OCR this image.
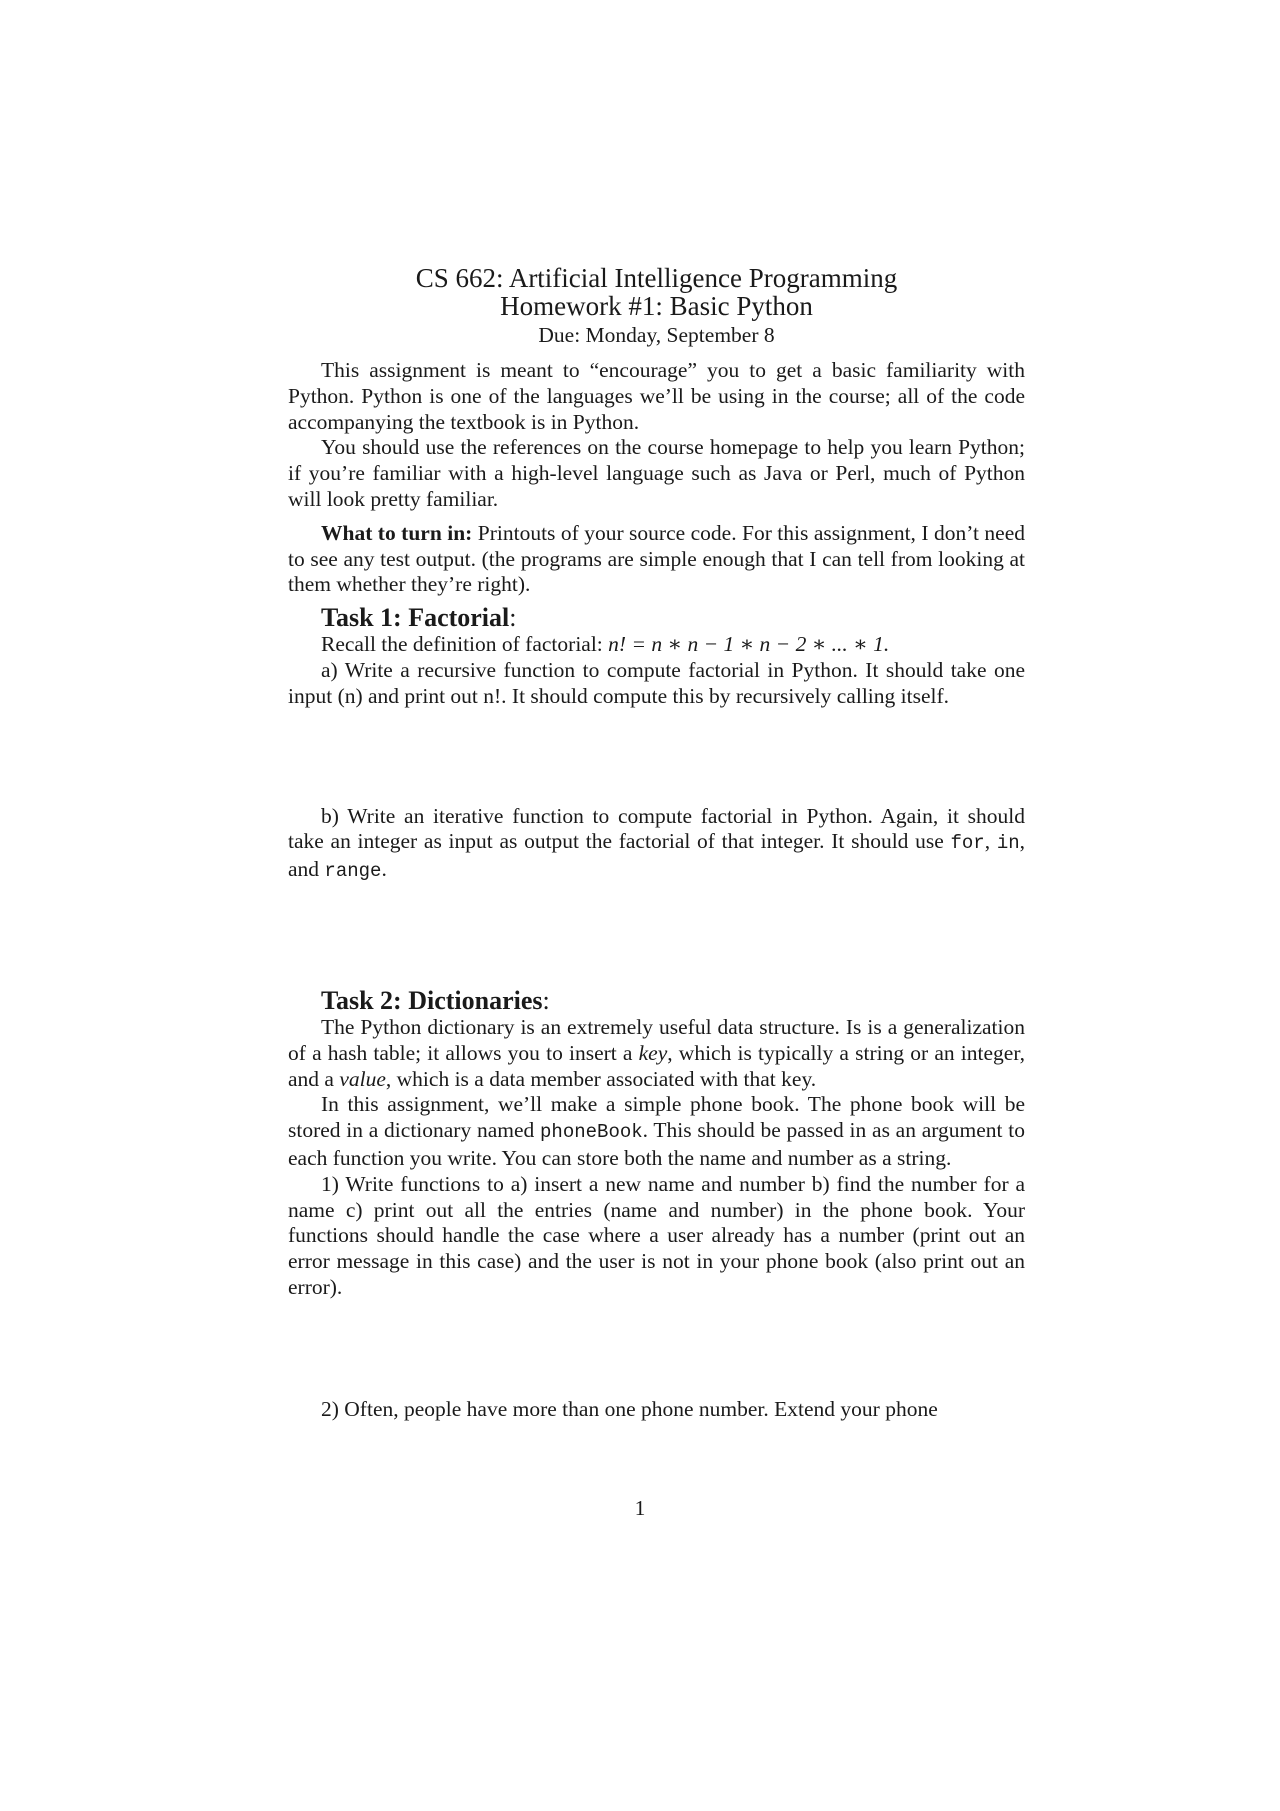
CS 662: Artificial Intelligence Programming

Homework #1: Basic Python

Due: Monday, September 8

This assignment is meant to “encourage” you to get a basic familiarity with Python. Python is one of the languages we’ll be using in the course; all of the code accompanying the textbook is in Python.

You should use the references on the course homepage to help you learn Python; if you’re familiar with a high-level language such as Java or Perl, much of Python will look pretty familiar.

What to turn in: Printouts of your source code. For this assignment, I don’t need to see any test output. (the programs are simple enough that I can tell from looking at them whether they’re right).

Task 1: Factorial:

Recall the definition of factorial: n! = n ∗ n − 1 ∗ n − 2 ∗ ... ∗ 1.

a) Write a recursive function to compute factorial in Python. It should take one input (n) and print out n!. It should compute this by recursively calling itself.

b) Write an iterative function to compute factorial in Python. Again, it should take an integer as input as output the factorial of that integer. It should use for, in, and range.

Task 2: Dictionaries:

The Python dictionary is an extremely useful data structure. Is is a generalization of a hash table; it allows you to insert a key, which is typically a string or an integer, and a value, which is a data member associated with that key.

In this assignment, we’ll make a simple phone book. The phone book will be stored in a dictionary named phoneBook. This should be passed in as an argument to each function you write. You can store both the name and number as a string.

1) Write functions to a) insert a new name and number b) find the number for a name c) print out all the entries (name and number) in the phone book. Your functions should handle the case where a user already has a number (print out an error message in this case) and the user is not in your phone book (also print out an error).

2) Often, people have more than one phone number. Extend your phone

1
